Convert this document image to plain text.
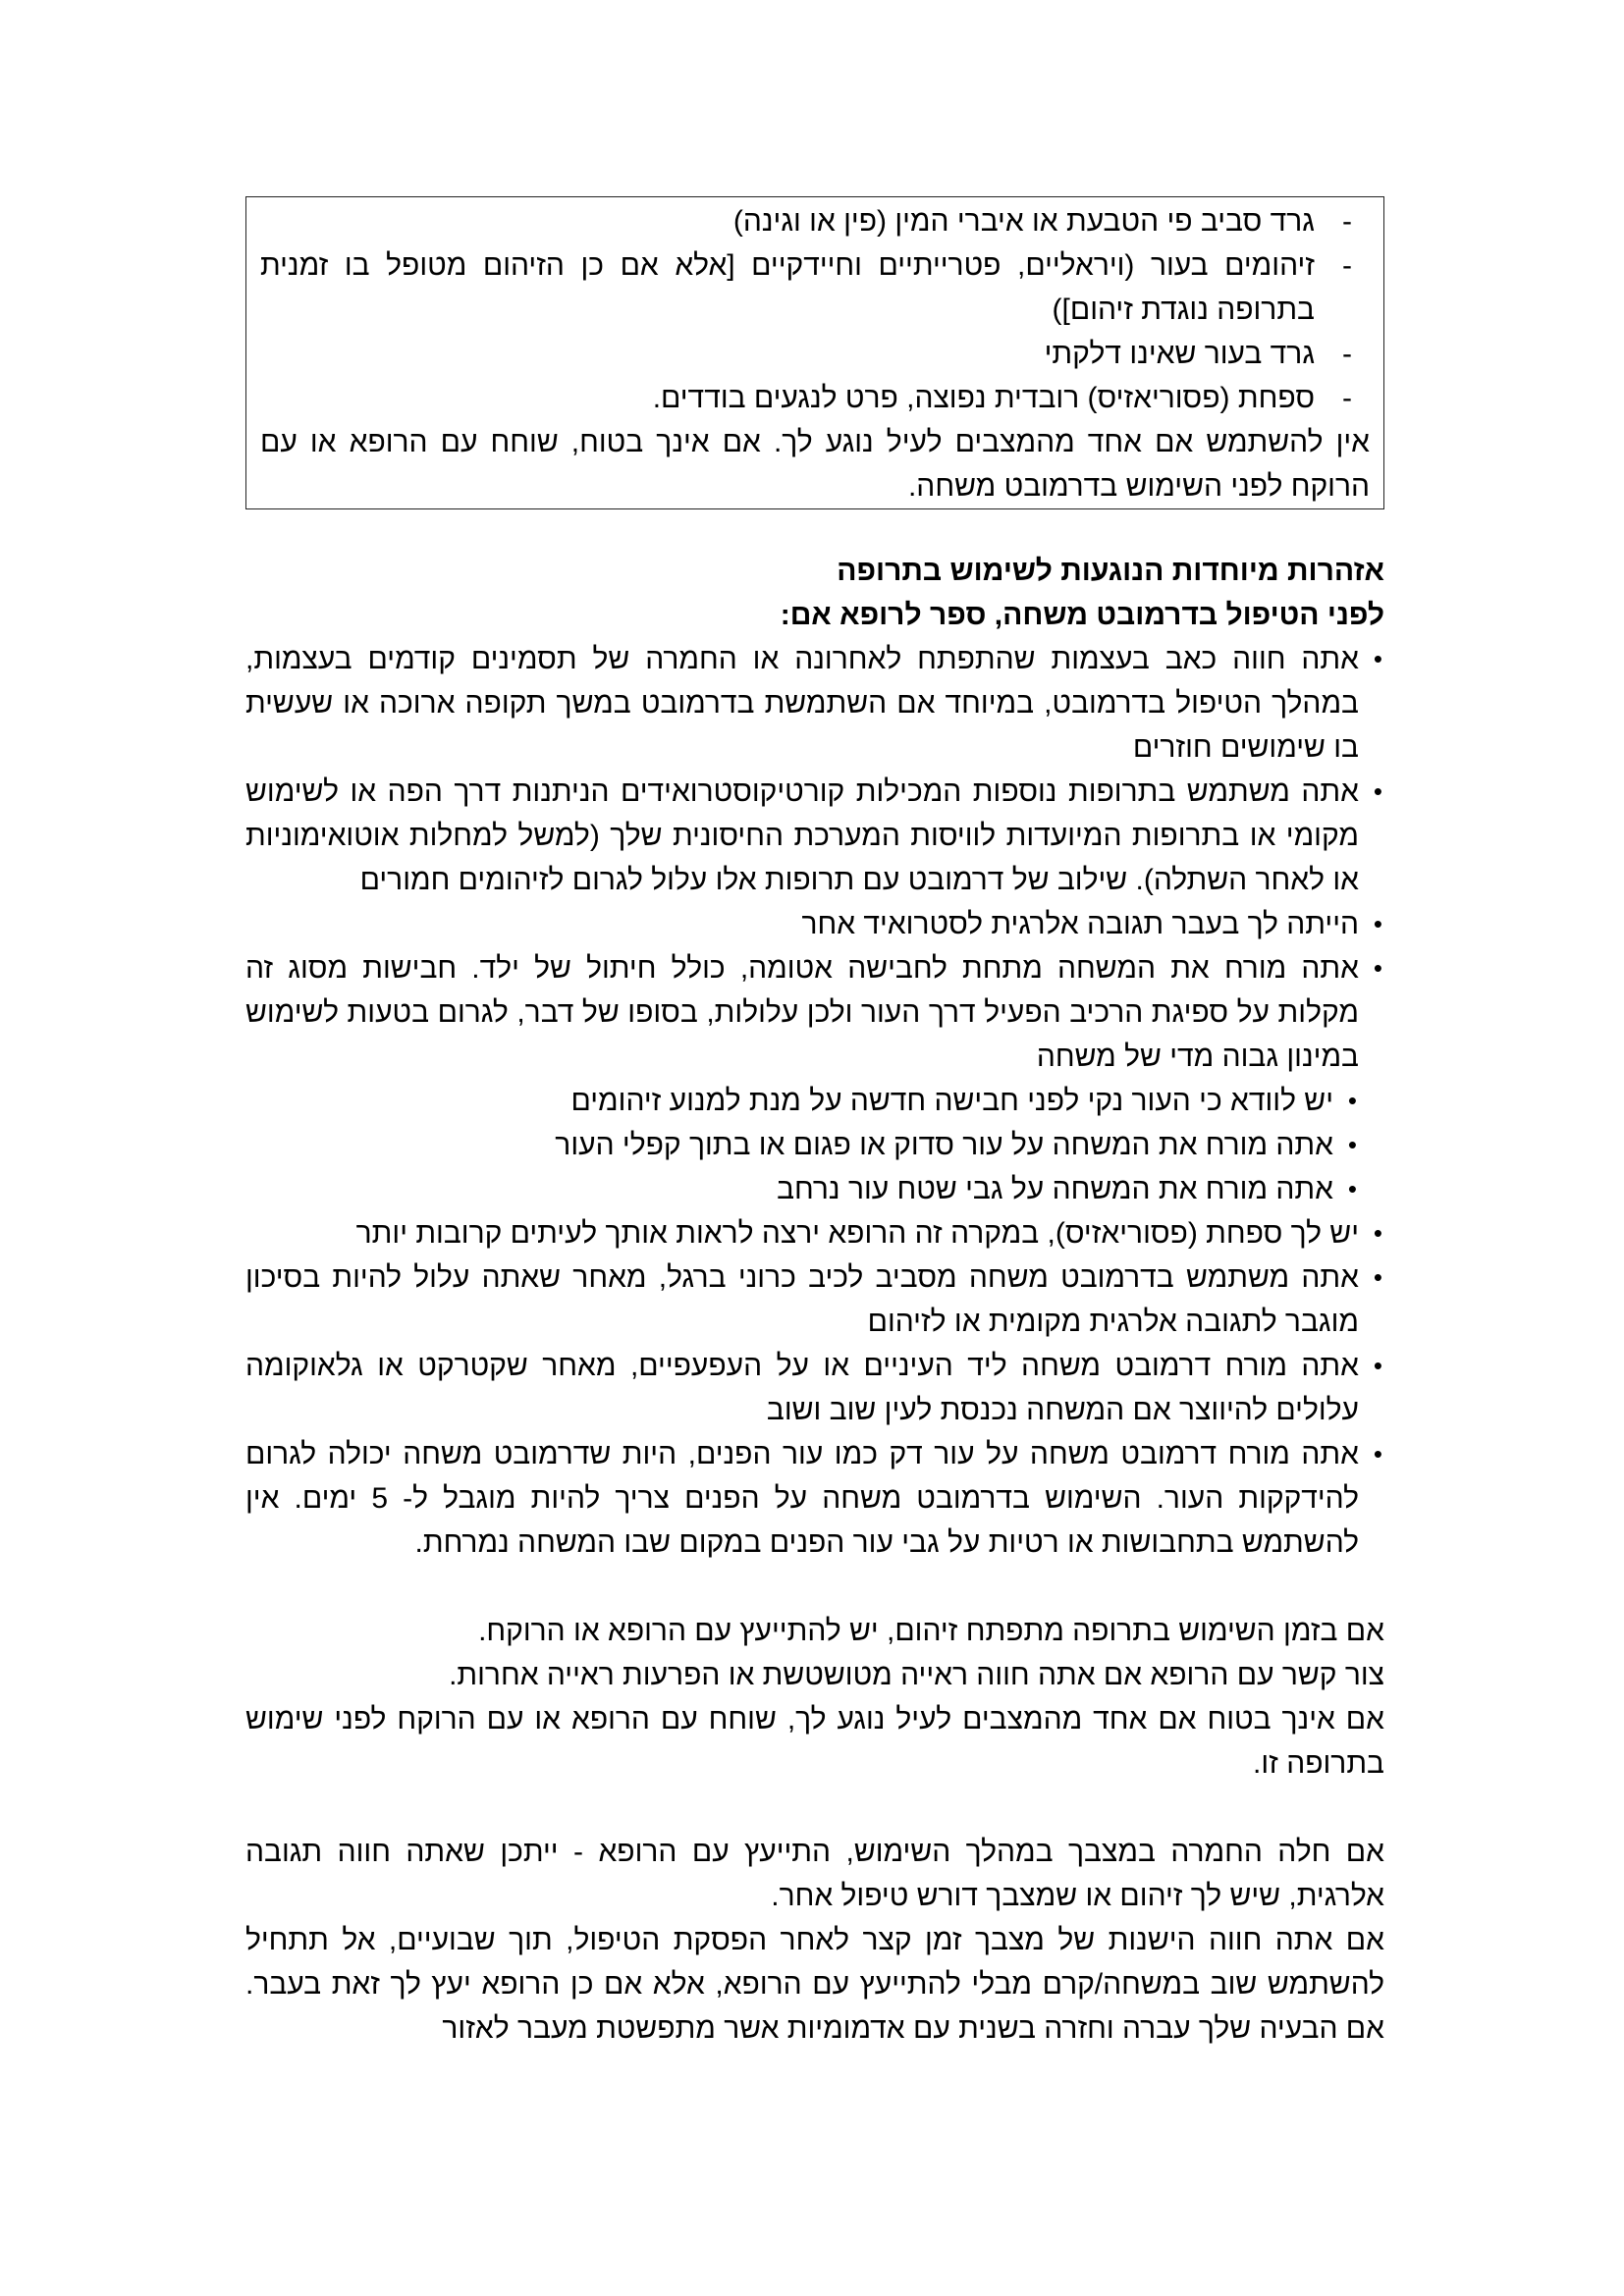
-
גרד סביב פי הטבעת או איברי המין (פין או וגינה)
-
זיהומים בעור (ויראליים, פטרייתיים וחיידקיים [אלא אם כן הזיהום מטופל בו זמנית בתרופה נוגדת זיהום])
-
גרד בעור שאינו דלקתי
-
ספחת (פסוריאזיס) רובדית נפוצה, פרט לנגעים בודדים.

אין להשתמש אם אחד מהמצבים לעיל נוגע לך. אם אינך בטוח, שוחח עם הרופא או עם הרוקח לפני השימוש בדרמובט משחה.

אזהרות מיוחדות הנוגעות לשימוש בתרופה

לפני הטיפול בדרמובט משחה, ספר לרופא אם:

•
אתה חווה כאב בעצמות שהתפתח לאחרונה או החמרה של תסמינים קודמים בעצמות, במהלך הטיפול בדרמובט, במיוחד אם השתמשת בדרמובט במשך תקופה ארוכה או שעשית בו שימושים חוזרים
•
אתה משתמש בתרופות נוספות המכילות קורטיקוסטרואידים הניתנות דרך הפה או לשימוש מקומי או בתרופות המיועדות לוויסות המערכת החיסונית שלך (למשל למחלות אוטואימוניות או לאחר השתלה). שילוב של דרמובט עם תרופות אלו עלול לגרום לזיהומים חמורים
•
הייתה לך בעבר תגובה אלרגית לסטרואיד אחר
•
אתה מורח את המשחה מתחת לחבישה אטומה, כולל חיתול של ילד. חבישות מסוג זה מקלות על ספיגת הרכיב הפעיל דרך העור ולכן עלולות, בסופו של דבר, לגרום בטעות לשימוש במינון גבוה מדי של משחה
•
יש לוודא כי העור נקי לפני חבישה חדשה על מנת למנוע זיהומים
•
אתה מורח את המשחה על עור סדוק או פגום או בתוך קפלי העור
•
אתה מורח את המשחה על גבי שטח עור נרחב
•
יש לך ספחת (פסוריאזיס), במקרה זה הרופא ירצה לראות אותך לעיתים קרובות יותר
•
אתה משתמש בדרמובט משחה מסביב לכיב כרוני ברגל, מאחר שאתה עלול להיות בסיכון מוגבר לתגובה אלרגית מקומית או לזיהום
•
אתה מורח דרמובט משחה ליד העיניים או על העפעפיים, מאחר שקטרקט או גלאוקומה עלולים להיווצר אם המשחה נכנסת לעין שוב ושוב
•
אתה מורח דרמובט משחה על עור דק כמו עור הפנים, היות שדרמובט משחה יכולה לגרום להידקקות העור. השימוש בדרמובט משחה על הפנים צריך להיות מוגבל ל- 5 ימים. אין להשתמש בתחבושות או רטיות על גבי עור הפנים במקום שבו המשחה נמרחת.

אם בזמן השימוש בתרופה מתפתח זיהום, יש להתייעץ עם הרופא או הרוקח.

צור קשר עם הרופא אם אתה חווה ראייה מטושטשת או הפרעות ראייה אחרות.

אם אינך בטוח אם אחד מהמצבים לעיל נוגע לך, שוחח עם הרופא או עם הרוקח לפני שימוש בתרופה זו.

אם חלה החמרה במצבך במהלך השימוש, התייעץ עם הרופא - ייתכן שאתה חווה תגובה אלרגית, שיש לך זיהום או שמצבך דורש טיפול אחר.

אם אתה חווה הישנות של מצבך זמן קצר לאחר הפסקת הטיפול, תוך שבועיים, אל תתחיל להשתמש שוב במשחה/קרם מבלי להתייעץ עם הרופא, אלא אם כן הרופא יעץ לך זאת בעבר. אם הבעיה שלך עברה וחזרה בשנית עם אדמומיות אשר מתפשטת מעבר לאזור
